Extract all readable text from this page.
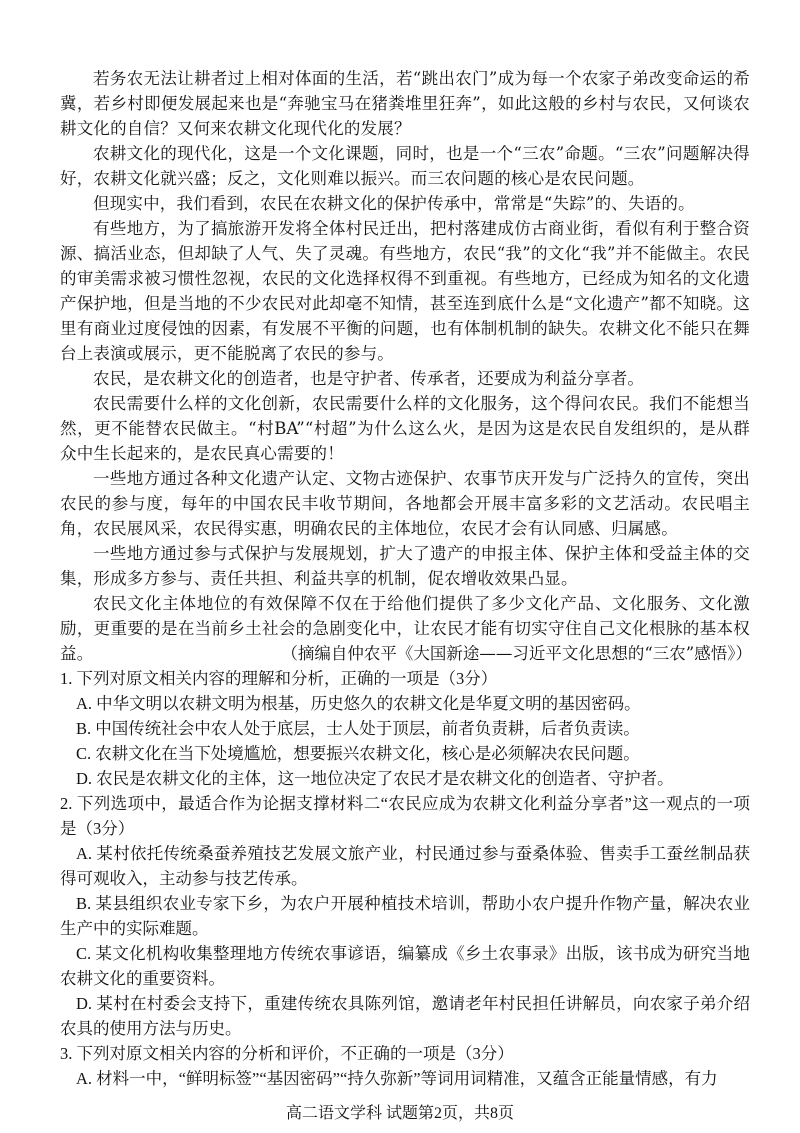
若务农无法让耕者过上相对体面的生活，若“跳出农门”成为每一个农家子弟改变命运的希冀，若乡村即便发展起来也是“奔驰宝马在猪粪堆里狂奔”，如此这般的乡村与农民，又何谈农耕文化的自信？又何来农耕文化现代化的发展？

农耕文化的现代化，这是一个文化课题，同时，也是一个“三农”命题。“三农”问题解决得好，农耕文化就兴盛；反之，文化则难以振兴。而三农问题的核心是农民问题。

但现实中，我们看到，农民在农耕文化的保护传承中，常常是“失踪”的、失语的。

有些地方，为了搞旅游开发将全体村民迁出，把村落建成仿古商业街，看似有利于整合资源、搞活业态，但却缺了人气、失了灵魂。有些地方，农民“我”的文化“我”并不能做主。农民的审美需求被习惯性忽视，农民的文化选择权得不到重视。有些地方，已经成为知名的文化遗产保护地，但是当地的不少农民对此却毫不知情，甚至连到底什么是“文化遗产”都不知晓。这里有商业过度侵蚀的因素，有发展不平衡的问题，也有体制机制的缺失。农耕文化不能只在舞台上表演或展示，更不能脱离了农民的参与。

农民，是农耕文化的创造者，也是守护者、传承者，还要成为利益分享者。

农民需要什么样的文化创新，农民需要什么样的文化服务，这个得问农民。我们不能想当然，更不能替农民做主。“村BA”“村超”为什么这么火，是因为这是农民自发组织的，是从群众中生长起来的，是农民真心需要的！

一些地方通过各种文化遗产认定、文物古迹保护、农事节庆开发与广泛持久的宣传，突出农民的参与度，每年的中国农民丰收节期间，各地都会开展丰富多彩的文艺活动。农民唱主角，农民展风采，农民得实惠，明确农民的主体地位，农民才会有认同感、归属感。

一些地方通过参与式保护与发展规划，扩大了遗产的申报主体、保护主体和受益主体的交集，形成多方参与、责任共担、利益共享的机制，促农增收效果凸显。

农民文化主体地位的有效保障不仅在于给他们提供了多少文化产品、文化服务、文化激励，更重要的是在当前乡土社会的急剧变化中，让农民才能有切实守住自己文化根脉的基本权益。	（摘编自仲农平《大国新途——习近平文化思想的“三农”感悟》）

1. 下列对原文相关内容的理解和分析，正确的一项是（3分）

A. 中华文明以农耕文明为根基，历史悠久的农耕文化是华夏文明的基因密码。

B. 中国传统社会中农人处于底层，士人处于顶层，前者负责耕，后者负责读。

C. 农耕文化在当下处境尴尬，想要振兴农耕文化，核心是必须解决农民问题。

D. 农民是农耕文化的主体，这一地位决定了农民才是农耕文化的创造者、守护者。

2. 下列选项中，最适合作为论据支撑材料二“农民应成为农耕文化利益分享者”这一观点的一项是（3分）

A. 某村依托传统桑蚕养殖技艺发展文旅产业，村民通过参与蚕桑体验、售卖手工蚕丝制品获得可观收入，主动参与技艺传承。

B. 某县组织农业专家下乡，为农户开展种植技术培训，帮助小农户提升作物产量，解决农业生产中的实际难题。

C. 某文化机构收集整理地方传统农事谚语，编纂成《乡土农事录》出版，该书成为研究当地农耕文化的重要资料。

D. 某村在村委会支持下，重建传统农具陈列馆，邀请老年村民担任讲解员，向农家子弟介绍农具的使用方法与历史。

3. 下列对原文相关内容的分析和评价，不正确的一项是（3分）

A. 材料一中，“鲜明标签”“基因密码”“持久弥新”等词用词精准，又蕴含正能量情感，有力

高二语文学科 试题第2页，共8页
